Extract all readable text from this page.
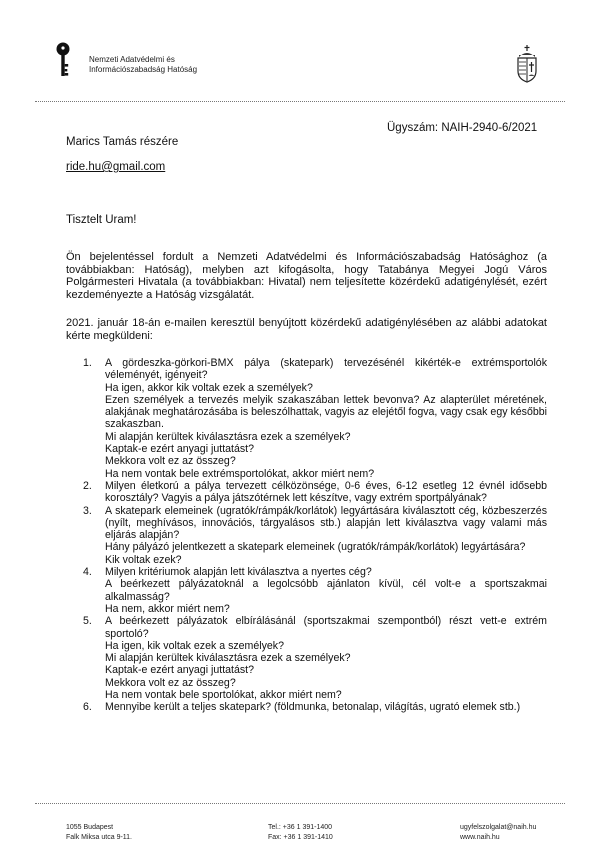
Nemzeti Adatvédelmi és
Információszabadság Hatóság
Ügyszám: NAIH-2940-6/2021
Marics Tamás részére
ride.hu@gmail.com
Tisztelt Uram!
Ön bejelentéssel fordult a Nemzeti Adatvédelmi és Információszabadság Hatósághoz (a továbbiakban: Hatóság), melyben azt kifogásolta, hogy Tatabánya Megyei Jogú Város Polgármesteri Hivatala (a továbbiakban: Hivatal) nem teljesítette közérdekű adatigénylését, ezért kezdeményezte a Hatóság vizsgálatát.
2021. január 18-án e-mailen keresztül benyújtott közérdekű adatigénylésében az alábbi adatokat kérte megküldeni:
1.	A gördeszka-görkori-BMX pálya (skatepark) tervezésénél kikérték-e extrémsportolók véleményét, igényeit?
Ha igen, akkor kik voltak ezek a személyek?
Ezen személyek a tervezés melyik szakaszában lettek bevonva? Az alapterület méretének, alakjának meghatározásába is beleszólhattak, vagyis az elejétől fogva, vagy csak egy későbbi szakaszban.
Mi alapján kerültek kiválasztásra ezek a személyek?
Kaptak-e ezért anyagi juttatást?
Mekkora volt ez az összeg?
Ha nem vontak bele extrémsportolókat, akkor miért nem?
2.	Milyen életkorú a pálya tervezett célközönsége, 0-6 éves, 6-12 esetleg 12 évnél idősebb korosztály? Vagyis a pálya játszótérnek lett készítve, vagy extrém sportpályának?
3.	A skatepark elemeinek (ugratók/rámpák/korlátok) legyártására kiválasztott cég, közbeszerzés (nyílt, meghívásos, innovációs, tárgyalásos stb.) alapján lett kiválasztva vagy valami más eljárás alapján?
Hány pályázó jelentkezett a skatepark elemeinek (ugratók/rámpák/korlátok) legyártására?
Kik voltak ezek?
4.	Milyen kritériumok alapján lett kiválasztva a nyertes cég?
A beérkezett pályázatoknál a legolcsóbb ajánlaton kívül, cél volt-e a sportszakmai alkalmasság?
Ha nem, akkor miért nem?
5.	A beérkezett pályázatok elbírálásánál (sportszakmai szempontból) részt vett-e extrém sportoló?
Ha igen, kik voltak ezek a személyek?
Mi alapján kerültek kiválasztásra ezek a személyek?
Kaptak-e ezért anyagi juttatást?
Mekkora volt ez az összeg?
Ha nem vontak bele sportolókat, akkor miért nem?
6.	Mennyibe került a teljes skatepark? (földmunka, betonalap, világítás, ugrató elemek stb.)
1055 Budapest
Falk Miksa utca 9-11.
Tel.: +36 1 391-1400
Fax: +36 1 391-1410
ugyfelszolgalat@naih.hu
www.naih.hu
